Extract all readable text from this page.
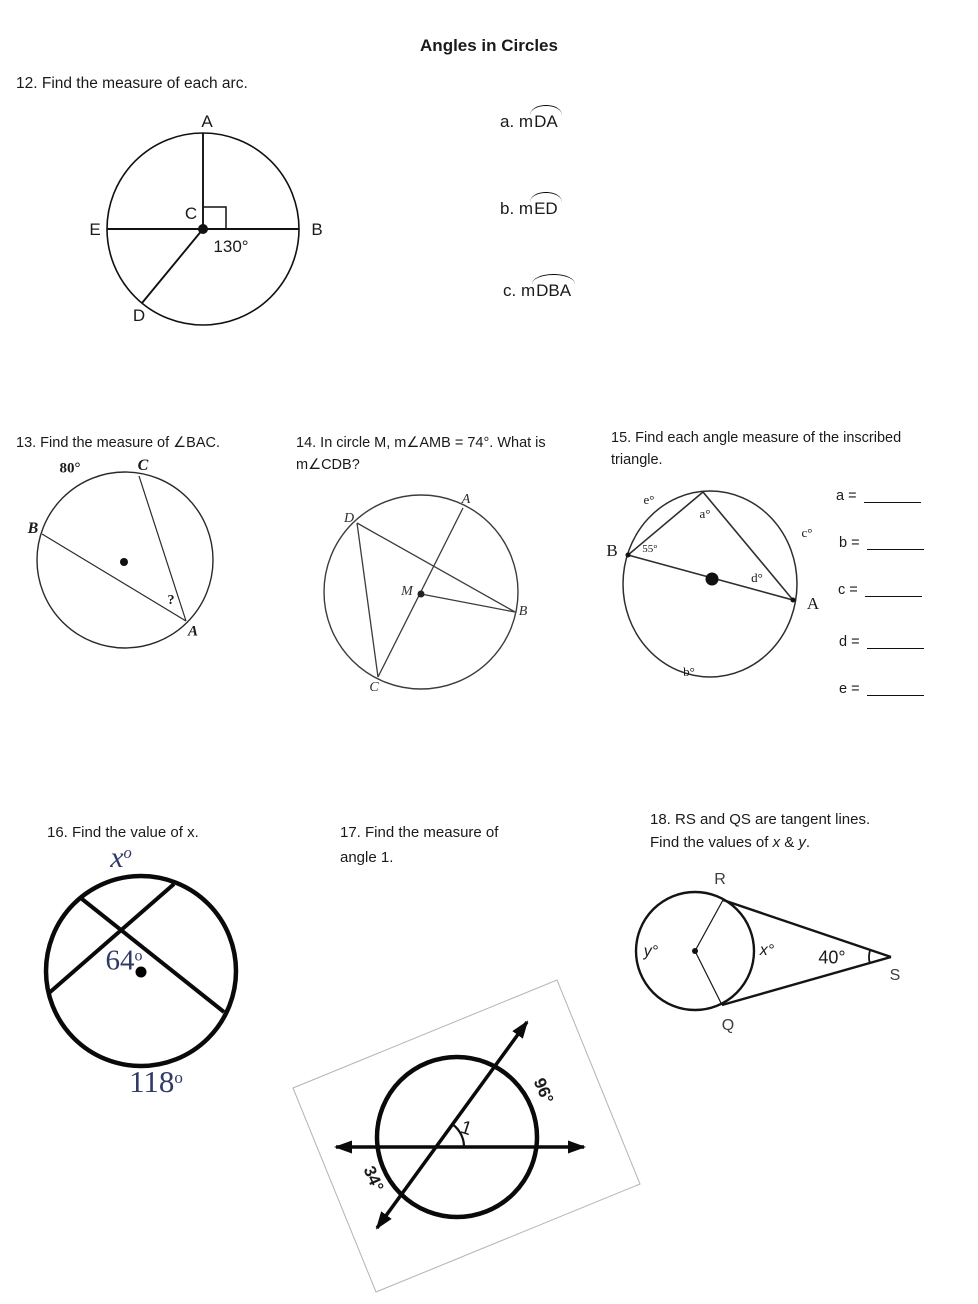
Angles in Circles
12. Find the measure of each arc.
A
E	B
C
D
130°
a. m
DA
b. m
ED
c. m
DBA
13. Find the measure of ∠BAC.
80°	C
B
?
A
14. In circle M, m∠AMB = 74°. What is
m∠CDB?
D
A
M
B
C
15. Find each angle measure of the inscribed
triangle.
e°
a°
B 55°
c°
d°
A
b°
a =
b =
c =
d =
e =
16. Find the value of x.
$x^o$
64$^o$
118$^o$
17. Find the measure of
angle 1.
1
96°
34°
18. RS and QS are tangent lines.
Find the values of x & y.
R
Q
S
y°	x° 40°
